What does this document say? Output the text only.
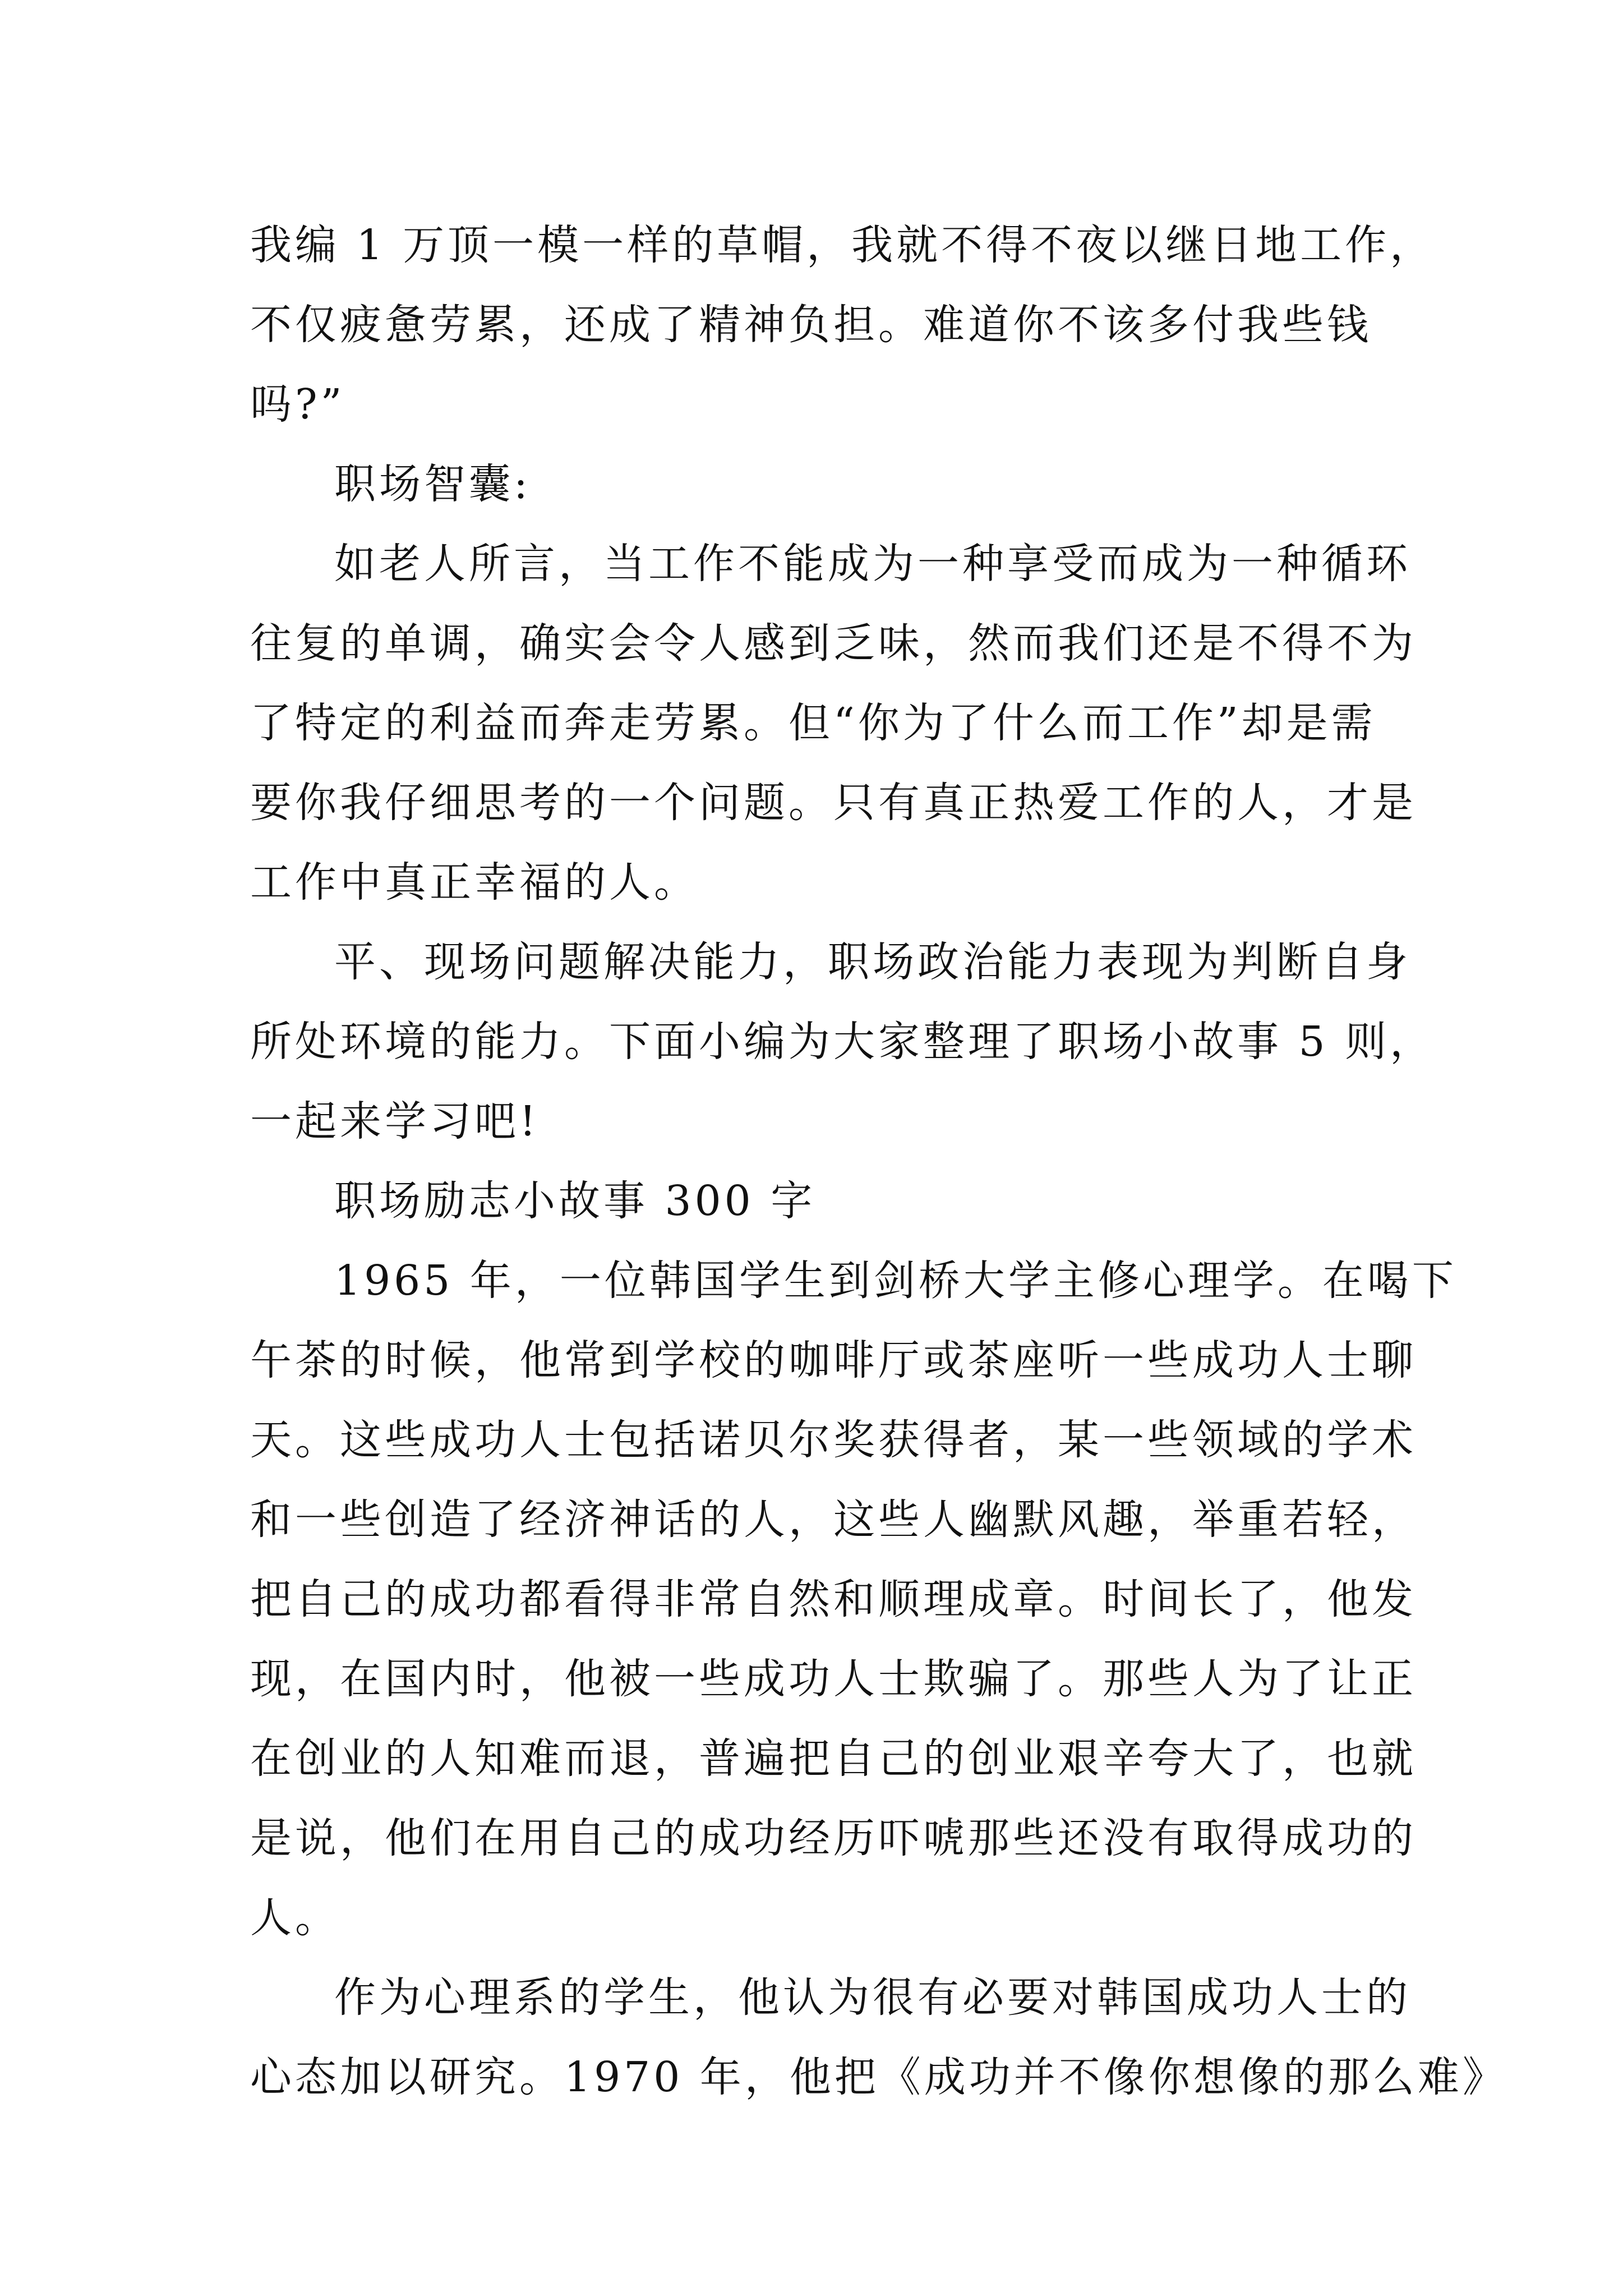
我编 1 万顶一模一样的草帽，我就不得不夜以继日地工作，
不仅疲惫劳累，还成了精神负担。难道你不该多付我些钱
吗?”
职场智囊:
如老人所言，当工作不能成为一种享受而成为一种循环
往复的单调，确实会令人感到乏味，然而我们还是不得不为
了特定的利益而奔走劳累。但“你为了什么而工作”却是需
要你我仔细思考的一个问题。只有真正热爱工作的人，才是
工作中真正幸福的人。
平、现场问题解决能力，职场政治能力表现为判断自身
所处环境的能力。下面小编为大家整理了职场小故事 5 则，
一起来学习吧!
职场励志小故事 300 字
1965 年，一位韩国学生到剑桥大学主修心理学。在喝下
午茶的时候，他常到学校的咖啡厅或茶座听一些成功人士聊
天。这些成功人士包括诺贝尔奖获得者，某一些领域的学术
和一些创造了经济神话的人，这些人幽默风趣，举重若轻，
把自己的成功都看得非常自然和顺理成章。时间长了，他发
现，在国内时，他被一些成功人士欺骗了。那些人为了让正
在创业的人知难而退，普遍把自己的创业艰辛夸大了，也就
是说，他们在用自己的成功经历吓唬那些还没有取得成功的
人。
作为心理系的学生，他认为很有必要对韩国成功人士的
心态加以研究。1970 年，他把《成功并不像你想像的那么难》
